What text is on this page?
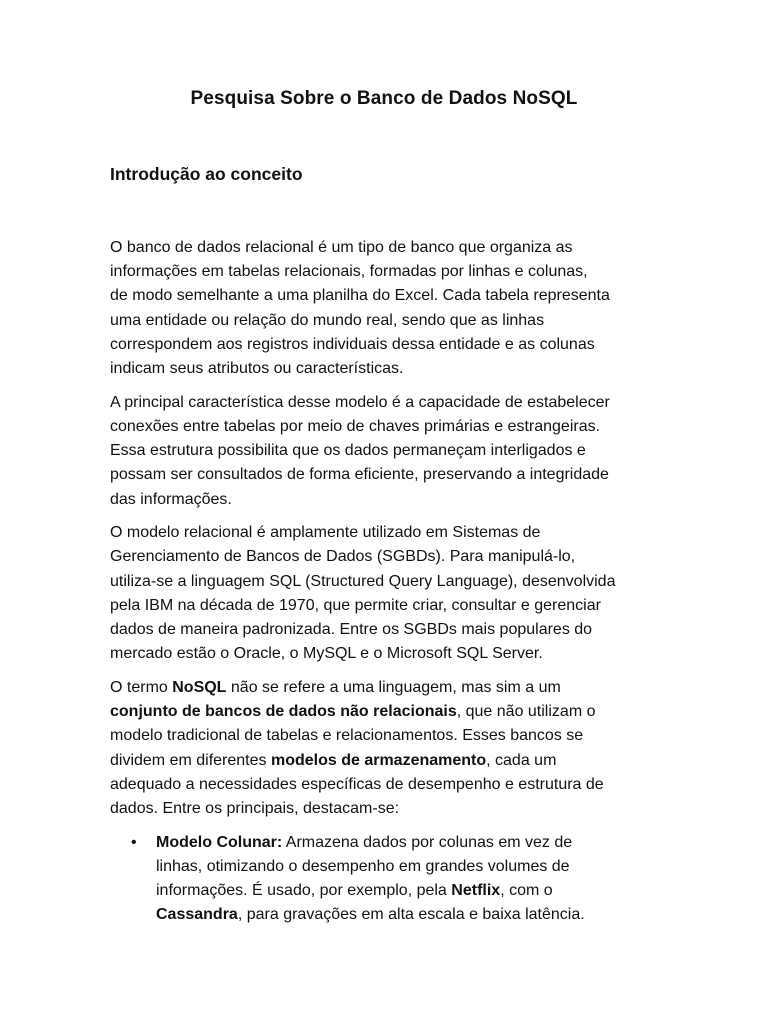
Pesquisa Sobre o Banco de Dados NoSQL
Introdução ao conceito

O banco de dados relacional é um tipo de banco que organiza as
informações em tabelas relacionais, formadas por linhas e colunas,
de modo semelhante a uma planilha do Excel. Cada tabela representa
uma entidade ou relação do mundo real, sendo que as linhas
correspondem aos registros individuais dessa entidade e as colunas
indicam seus atributos ou características.

A principal característica desse modelo é a capacidade de estabelecer
conexões entre tabelas por meio de chaves primárias e estrangeiras.
Essa estrutura possibilita que os dados permaneçam interligados e
possam ser consultados de forma eficiente, preservando a integridade
das informações.

O modelo relacional é amplamente utilizado em Sistemas de
Gerenciamento de Bancos de Dados (SGBDs). Para manipulá-lo,
utiliza-se a linguagem SQL (Structured Query Language), desenvolvida
pela IBM na década de 1970, que permite criar, consultar e gerenciar
dados de maneira padronizada. Entre os SGBDs mais populares do
mercado estão o Oracle, o MySQL e o Microsoft SQL Server.

O termo NoSQL não se refere a uma linguagem, mas sim a um
conjunto de bancos de dados não relacionais, que não utilizam o
modelo tradicional de tabelas e relacionamentos. Esses bancos se
dividem em diferentes modelos de armazenamento, cada um
adequado a necessidades específicas de desempenho e estrutura de
dados. Entre os principais, destacam-se:

• Modelo Colunar: Armazena dados por colunas em vez de
linhas, otimizando o desempenho em grandes volumes de
informações. É usado, por exemplo, pela Netflix, com o
Cassandra, para gravações em alta escala e baixa latência.
